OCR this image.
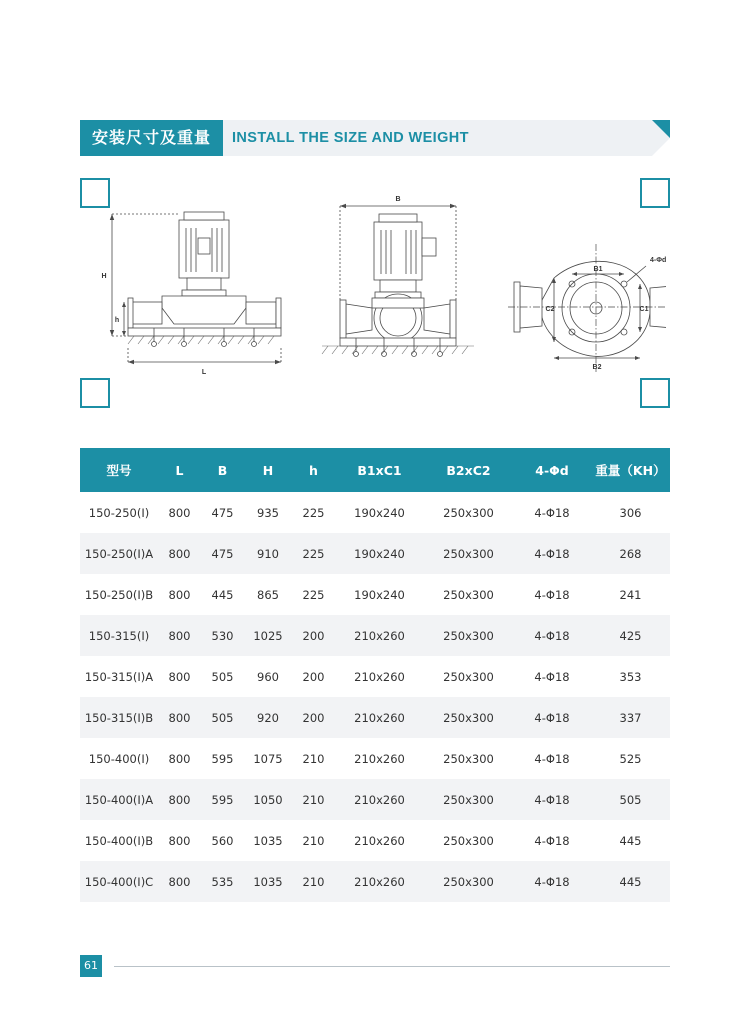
安装尺寸及重量	INSTALL THE SIZE AND WEIGHT
H
h
L
B
B1
B2
C1
C2
4-Φd
型号	L	B	H	h	B1xC1	B2xC2	4-Φd	重量（KH）
150-250(I)	800	475	935	225	190x240	250x300	4-Φ18	306
150-250(I)A	800	475	910	225	190x240	250x300	4-Φ18	268
150-250(I)B	800	445	865	225	190x240	250x300	4-Φ18	241
150-315(I)	800	530	1025	200	210x260	250x300	4-Φ18	425
150-315(I)A	800	505	960	200	210x260	250x300	4-Φ18	353
150-315(I)B	800	505	920	200	210x260	250x300	4-Φ18	337
150-400(I)	800	595	1075	210	210x260	250x300	4-Φ18	525
150-400(I)A	800	595	1050	210	210x260	250x300	4-Φ18	505
150-400(I)B	800	560	1035	210	210x260	250x300	4-Φ18	445
150-400(I)C	800	535	1035	210	210x260	250x300	4-Φ18	445
61
